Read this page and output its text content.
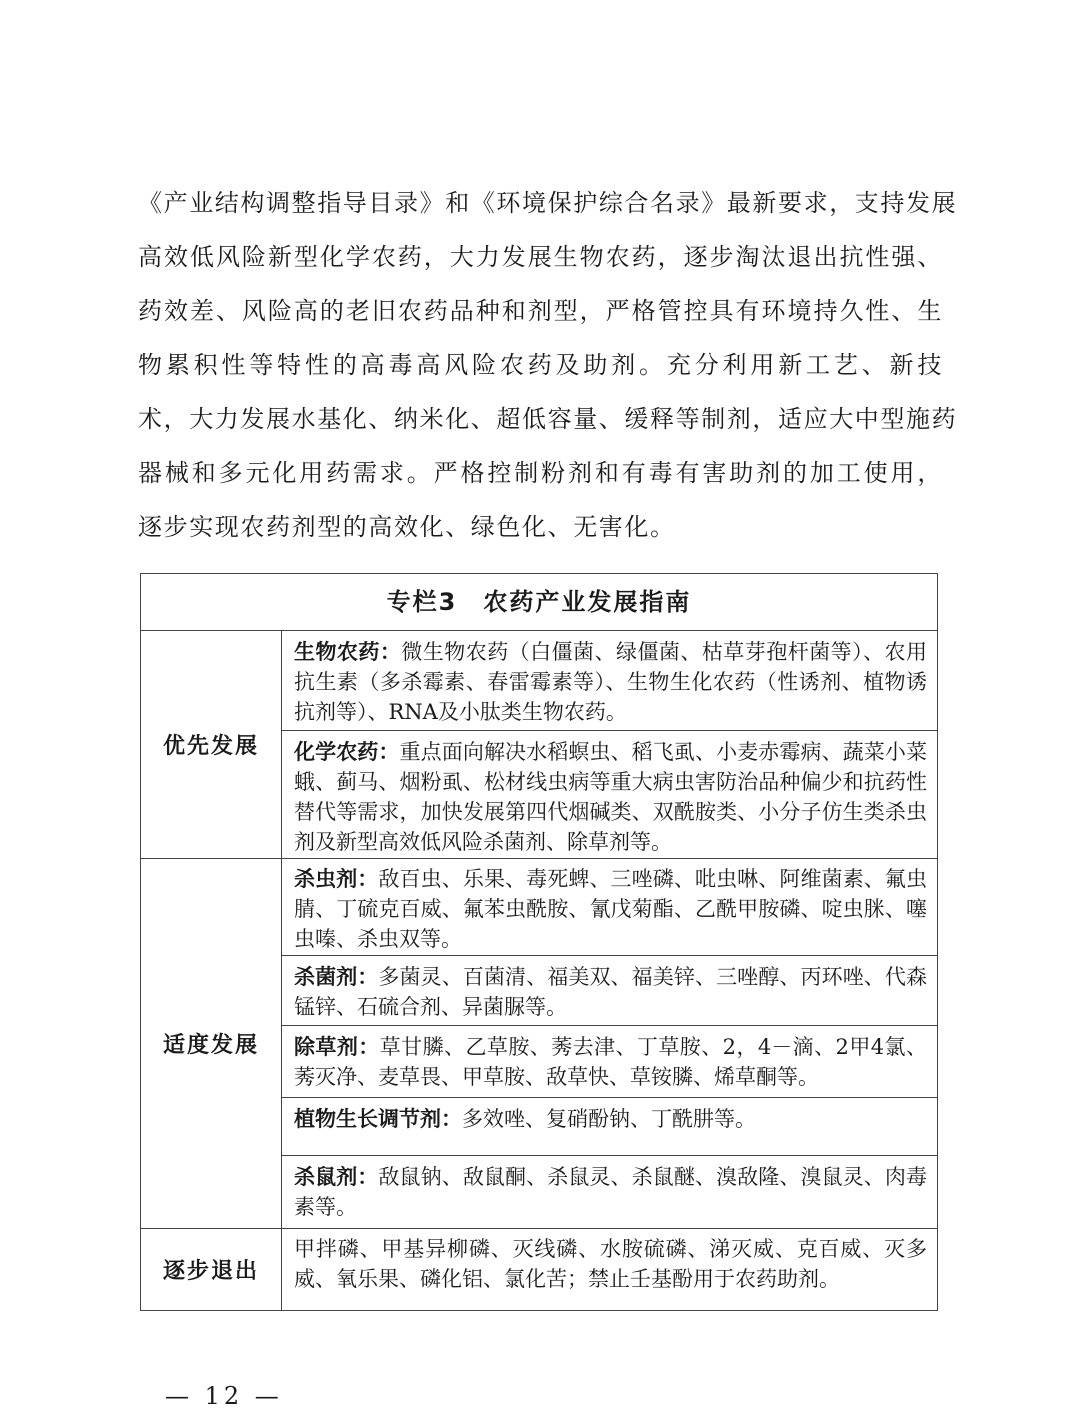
《产业结构调整指导目录》和《环境保护综合名录》最新要求，支持发展
高效低风险新型化学农药，大力发展生物农药，逐步淘汰退出抗性强、
药效差、风险高的老旧农药品种和剂型，严格管控具有环境持久性、生
物累积性等特性的高毒高风险农药及助剂。充分利用新工艺、新技
术，大力发展水基化、纳米化、超低容量、缓释等制剂，适应大中型施药
器械和多元化用药需求。严格控制粉剂和有毒有害助剂的加工使用，
逐步实现农药剂型的高效化、绿色化、无害化。
专栏3　农药产业发展指南
优先发展
生物农药：微生物农药（白僵菌、绿僵菌、枯草芽孢杆菌等）、农用抗生素（多杀霉素、春雷霉素等）、生物生化农药（性诱剂、植物诱抗剂等）、RNA及小肽类生物农药。
化学农药：重点面向解决水稻螟虫、稻飞虱、小麦赤霉病、蔬菜小菜蛾、蓟马、烟粉虱、松材线虫病等重大病虫害防治品种偏少和抗药性替代等需求，加快发展第四代烟碱类、双酰胺类、小分子仿生类杀虫剂及新型高效低风险杀菌剂、除草剂等。
适度发展
杀虫剂：敌百虫、乐果、毒死蜱、三唑磷、吡虫啉、阿维菌素、氟虫腈、丁硫克百威、氟苯虫酰胺、氰戊菊酯、乙酰甲胺磷、啶虫脒、噻虫嗪、杀虫双等。
杀菌剂：多菌灵、百菌清、福美双、福美锌、三唑醇、丙环唑、代森锰锌、石硫合剂、异菌脲等。
除草剂：草甘膦、乙草胺、莠去津、丁草胺、2，4－滴、2甲4氯、莠灭净、麦草畏、甲草胺、敌草快、草铵膦、烯草酮等。
植物生长调节剂：多效唑、复硝酚钠、丁酰肼等。
杀鼠剂：敌鼠钠、敌鼠酮、杀鼠灵、杀鼠醚、溴敌隆、溴鼠灵、肉毒素等。
逐步退出
甲拌磷、甲基异柳磷、灭线磷、水胺硫磷、涕灭威、克百威、灭多威、氧乐果、磷化铝、氯化苦；禁止壬基酚用于农药助剂。
— 12 —
